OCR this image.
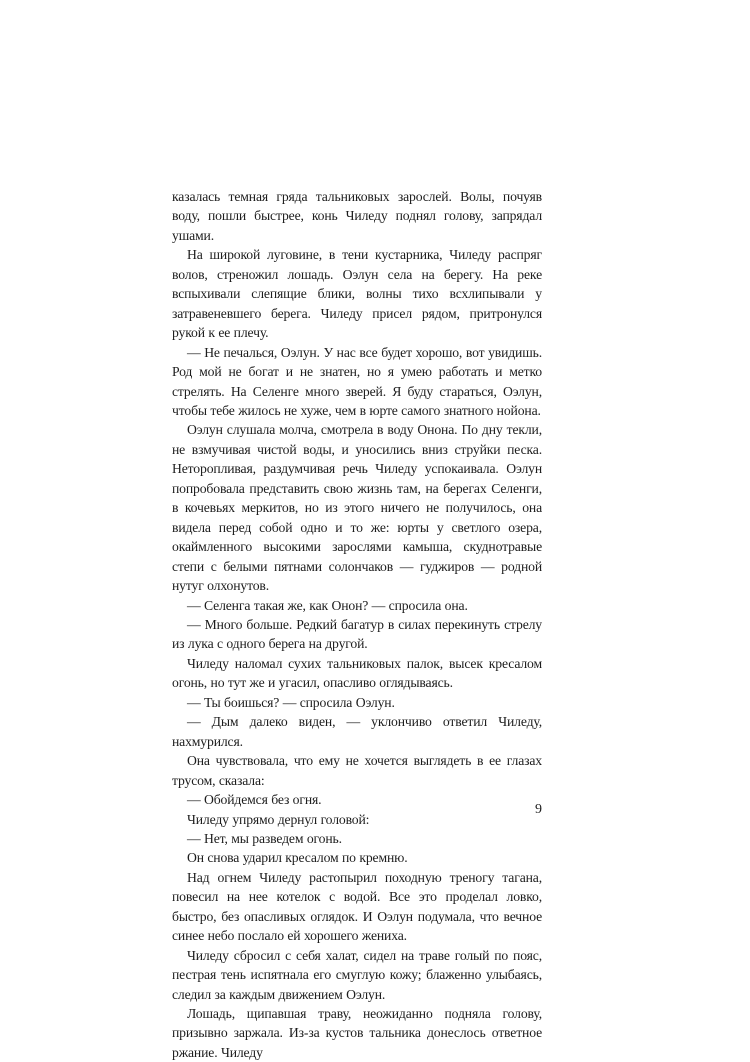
казалась темная гряда тальниковых зарослей. Волы, почуяв воду, пошли быстрее, конь Чиледу поднял голову, запрядал ушами.

На широкой луговине, в тени кустарника, Чиледу распряг волов, стреножил лошадь. Оэлун села на берегу. На реке вспыхивали слепящие блики, волны тихо всхлипывали у затравеневшего берега. Чиледу присел рядом, притронулся рукой к ее плечу.

— Не печалься, Оэлун. У нас все будет хорошо, вот увидишь. Род мой не богат и не знатен, но я умею работать и метко стрелять. На Селенге много зверей. Я буду стараться, Оэлун, чтобы тебе жилось не хуже, чем в юрте самого знатного нойона.

Оэлун слушала молча, смотрела в воду Онона. По дну текли, не взмучивая чистой воды, и уносились вниз струйки песка. Неторопливая, раздумчивая речь Чиледу успокаивала. Оэлун попробовала представить свою жизнь там, на берегах Селенги, в кочевьях меркитов, но из этого ничего не получилось, она видела перед собой одно и то же: юрты у светлого озера, окаймленного высокими зарослями камыша, скуднотравые степи с белыми пятнами солончаков — гуджиров — родной нутуг олхонутов.

— Селенга такая же, как Онон? — спросила она.

— Много больше. Редкий багатур в силах перекинуть стрелу из лука с одного берега на другой.

Чиледу наломал сухих тальниковых палок, высек кресалом огонь, но тут же и угасил, опасливо оглядываясь.

— Ты боишься? — спросила Оэлун.

— Дым далеко виден, — уклончиво ответил Чиледу, нахмурился.

Она чувствовала, что ему не хочется выглядеть в ее глазах трусом, сказала:

— Обойдемся без огня.

Чиледу упрямо дернул головой:

— Нет, мы разведем огонь.

Он снова ударил кресалом по кремню.

Над огнем Чиледу растопырил походную треногу тагана, повесил на нее котелок с водой. Все это проделал ловко, быстро, без опасливых оглядок. И Оэлун подумала, что вечное синее небо послало ей хорошего жениха.

Чиледу сбросил с себя халат, сидел на траве голый по пояс, пестрая тень испятнала его смуглую кожу; блаженно улыбаясь, следил за каждым движением Оэлун.

Лошадь, щипавшая траву, неожиданно подняла голову, призывно заржала. Из-за кустов тальника донеслось ответное ржание. Чиледу

9
